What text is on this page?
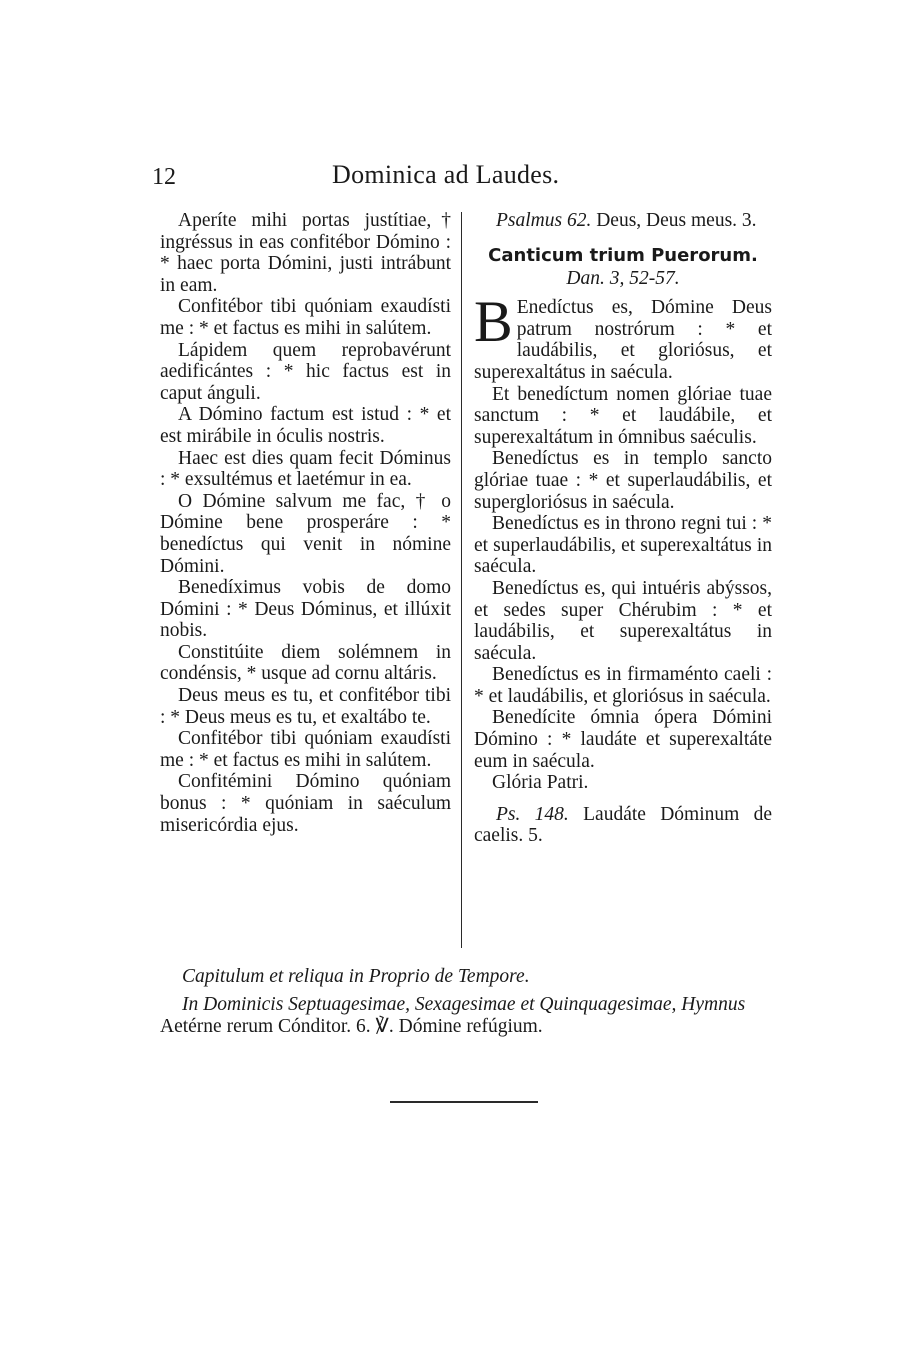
12	Dominica ad Laudes.

Aperíte mihi portas justítiae,† ingréssus in eas confitébor Dómino : * haec porta Dómini, justi intrábunt in eam.

Confitébor tibi quóniam exaudísti me : * et factus es mihi in salútem.

Lápidem quem reprobavérunt aedificántes : * hic factus est in caput ánguli.

A Dómino factum est istud : * et est mirábile in óculis nostris.

Haec est dies quam fecit Dóminus : * exsultémus et laetémur in ea.

O Dómine salvum me fac, † o Dómine bene prosperáre : * benedíctus qui venit in nómine Dómini.

Benedíximus vobis de domo Dómini : * Deus Dóminus, et illúxit nobis.

Constitúite diem solémnem in condénsis, * usque ad cornu altáris.

Deus meus es tu, et confitébor tibi : * Deus meus es tu, et exaltábo te.

Confitébor tibi quóniam exaudísti me : * et factus es mihi in salútem.

Confitémini Dómino quóniam bonus : * quóniam in saéculum misericórdia ejus.

Psalmus 62. Deus, Deus meus. 3.

Canticum trium Puerorum.
Dan. 3, 52-57.

B Enedíctus es, Dómine Deus patrum nostrórum : * et laudábilis, et gloriósus, et superexaltátus in saécula.

Et benedíctum nomen glóriae tuae sanctum : * et laudábile, et superexaltátum in ómnibus saéculis.

Benedíctus es in templo sancto glóriae tuae : * et superlaudábilis, et supergloriósus in saécula.

Benedíctus es in throno regni tui : * et superlaudábilis, et superexaltátus in saécula.

Benedíctus es, qui intuéris abýssos, et sedes super Chérubim : * et laudábilis, et superexaltátus in saécula.

Benedíctus es in firmaménto caeli : * et laudábilis, et gloriósus in saécula.

Benedícite ómnia ópera Dómini Dómino : * laudáte et superexaltáte eum in saécula.

Glória Patri.

Ps. 148. Laudáte Dóminum de caelis. 5.

Capitulum et reliqua in Proprio de Tempore.

In Dominicis Septuagesimae, Sexagesimae et Quinquagesimae, Hymnus

Aetérne rerum Cónditor. 6. ℣. Dómine refúgium.
